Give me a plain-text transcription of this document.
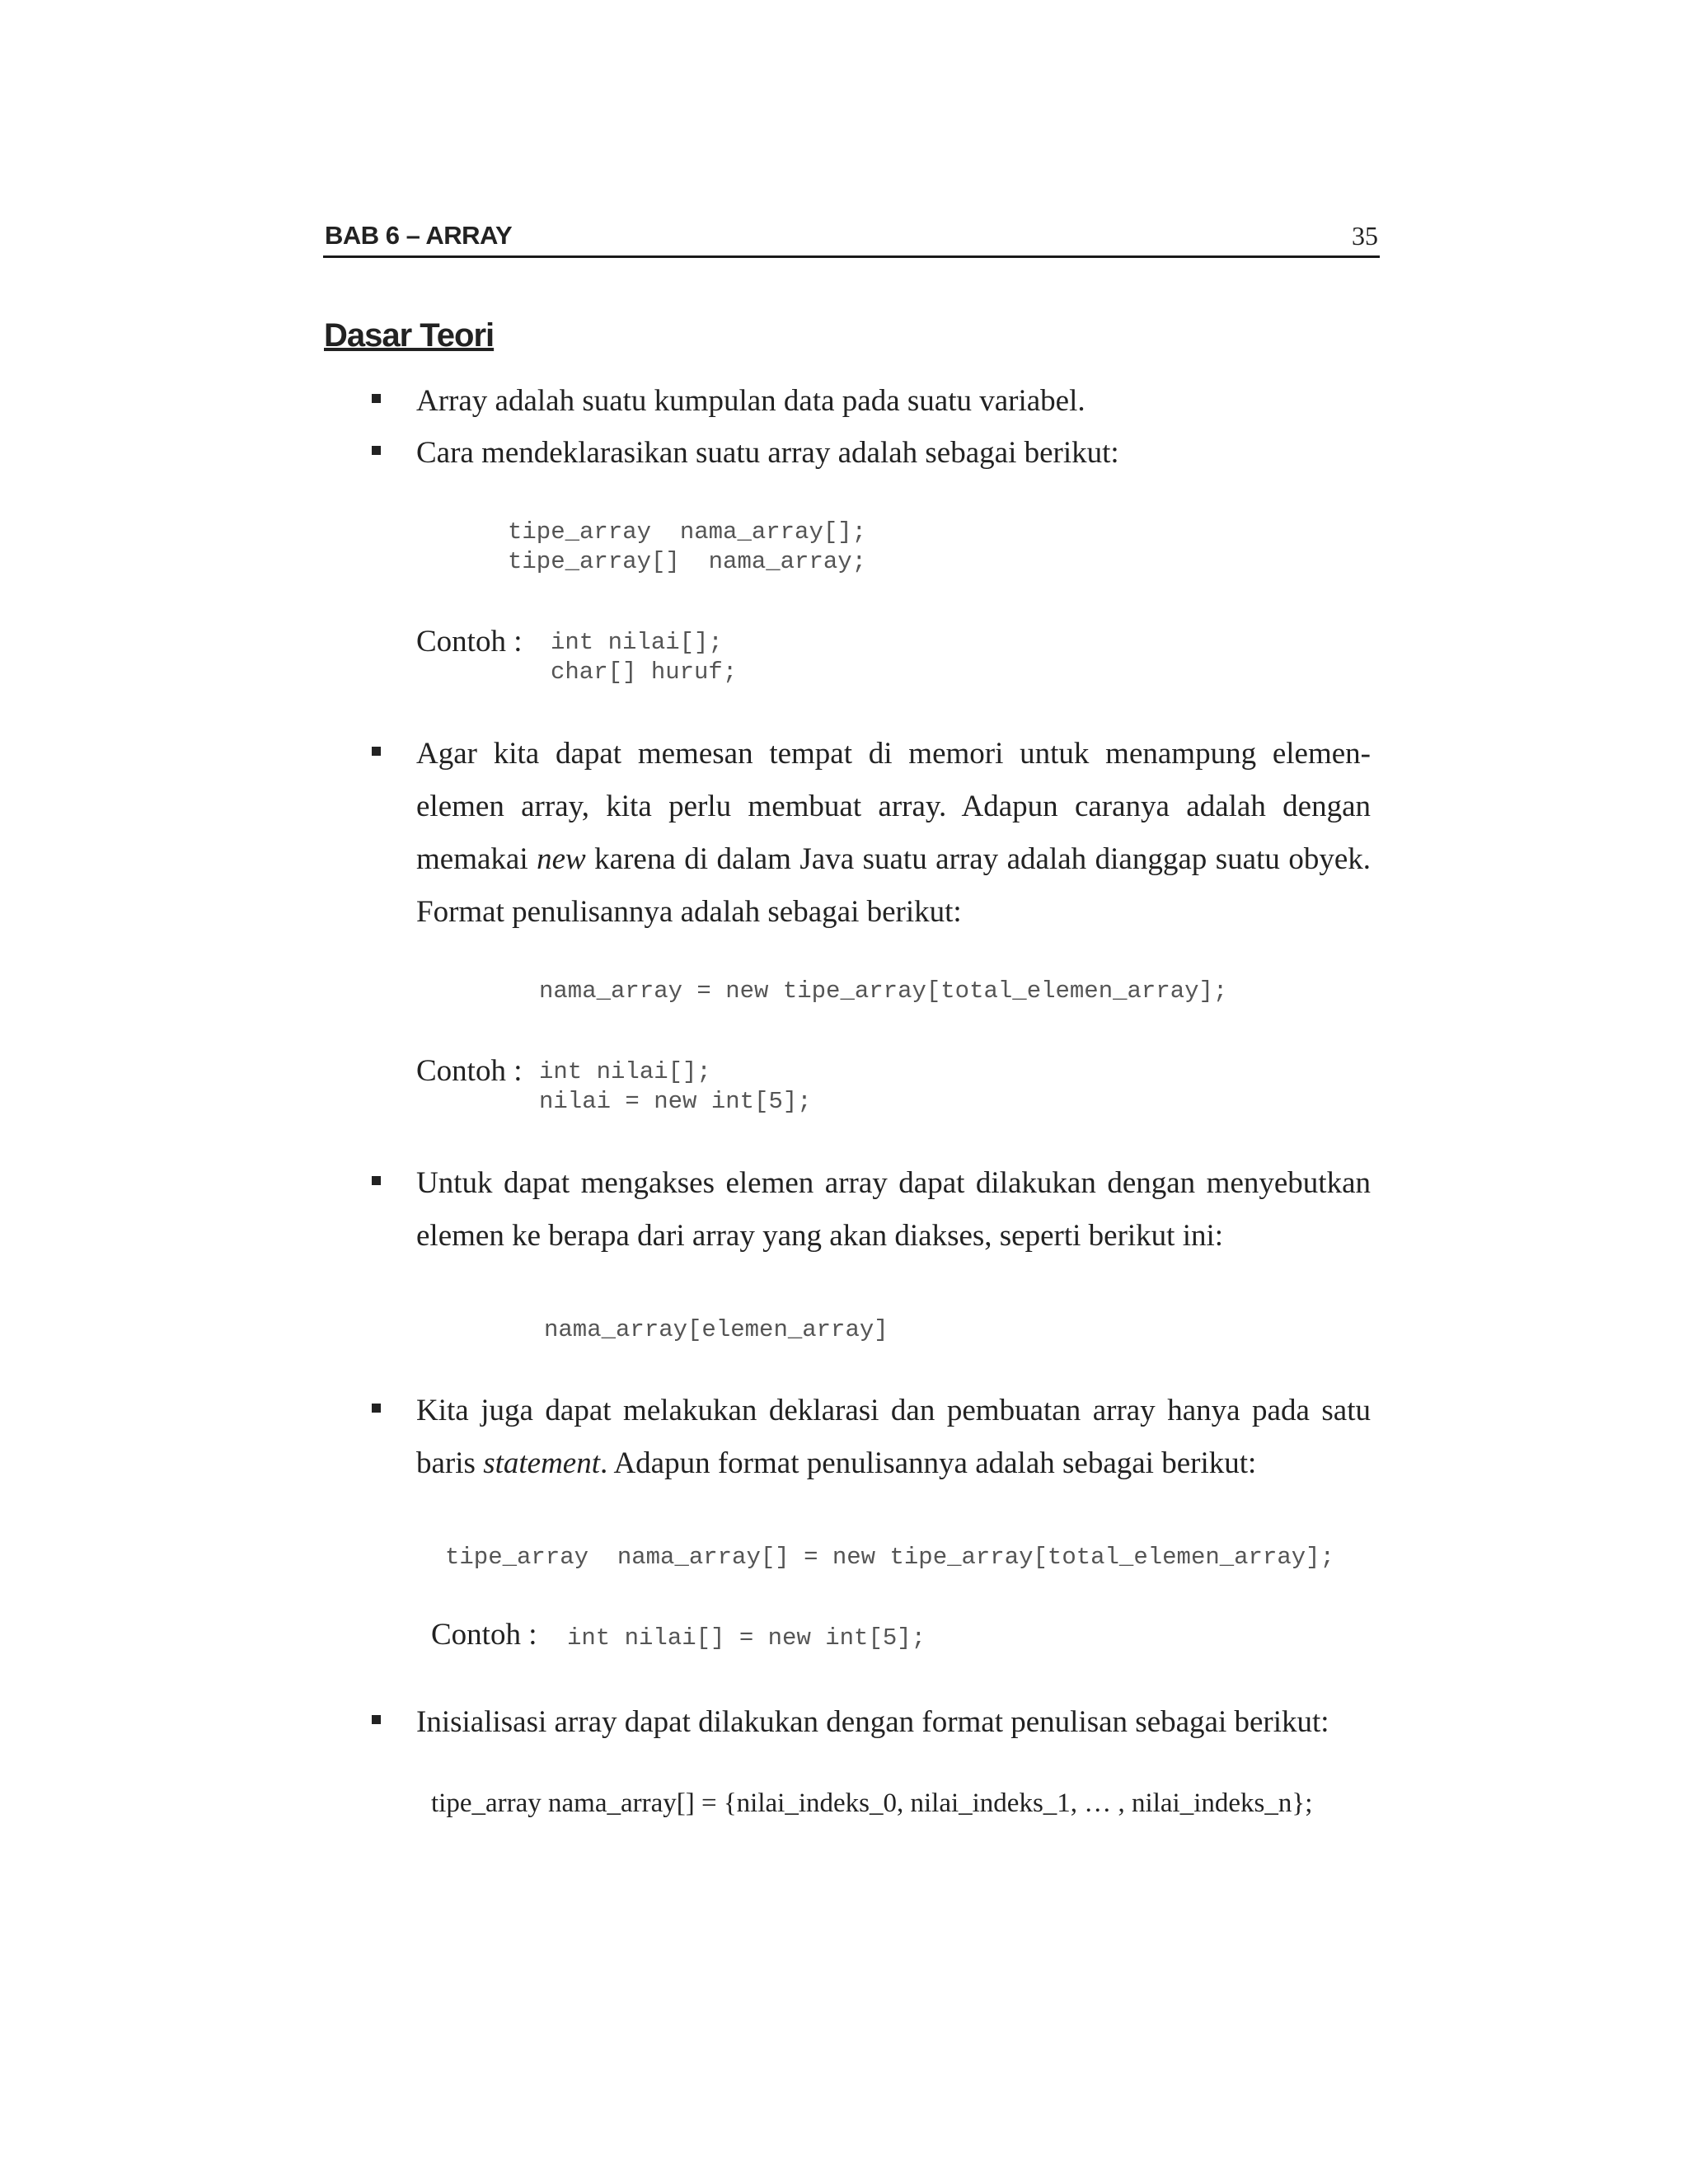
BAB 6 – ARRAY	35
Dasar Teori
Array adalah suatu kumpulan data pada suatu variabel.
Cara mendeklarasikan suatu array adalah sebagai berikut:
tipe_array  nama_array[];
tipe_array[]  nama_array;
Contoh : int nilai[];
char[] huruf;
Agar kita dapat memesan tempat di memori untuk menampung elemen-elemen array, kita perlu membuat array. Adapun caranya adalah dengan memakai new karena di dalam Java suatu array adalah dianggap suatu obyek. Format penulisannya adalah sebagai berikut:
nama_array = new tipe_array[total_elemen_array];
Contoh : int nilai[];
nilai = new int[5];
Untuk dapat mengakses elemen array dapat dilakukan dengan menyebutkan elemen ke berapa dari array yang akan diakses, seperti berikut ini:
nama_array[elemen_array]
Kita juga dapat melakukan deklarasi dan pembuatan array hanya pada satu baris statement. Adapun format penulisannya adalah sebagai berikut:
tipe_array  nama_array[] = new tipe_array[total_elemen_array];
Contoh : int nilai[] = new int[5];
Inisialisasi array dapat dilakukan dengan format penulisan sebagai berikut:
tipe_array nama_array[] = {nilai_indeks_0, nilai_indeks_1, … , nilai_indeks_n};
